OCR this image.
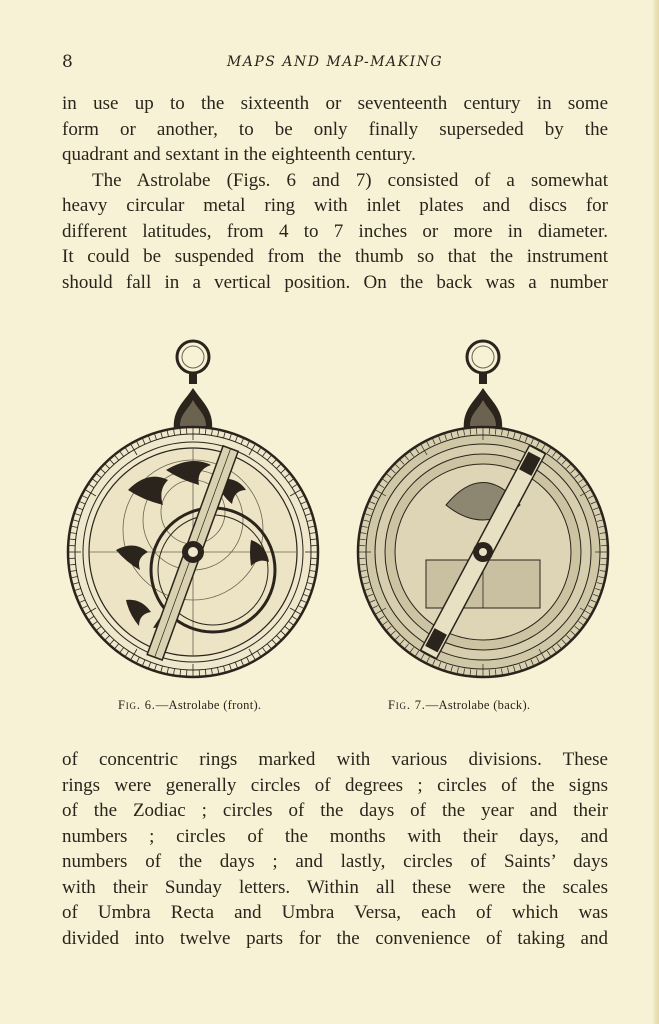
8	MAPS AND MAP-MAKING
in use up to the sixteenth or seventeenth century in some
form or another, to be only finally superseded by the
quadrant and sextant in the eighteenth century.
The Astrolabe (Figs. 6 and 7) consisted of a somewhat
heavy circular metal ring with inlet plates and discs for
different latitudes, from 4 to 7 inches or more in diameter.
It could be suspended from the thumb so that the instrument
should fall in a vertical position. On the back was a number
Fig. 6.—Astrolabe (front).	Fig. 7.—Astrolabe (back).
of concentric rings marked with various divisions. These
rings were generally circles of degrees ; circles of the signs
of the Zodiac ; circles of the days of the year and their
numbers ; circles of the months with their days, and
numbers of the days ; and lastly, circles of Saints’ days
with their Sunday letters. Within all these were the scales
of Umbra Recta and Umbra Versa, each of which was
divided into twelve parts for the convenience of taking and
